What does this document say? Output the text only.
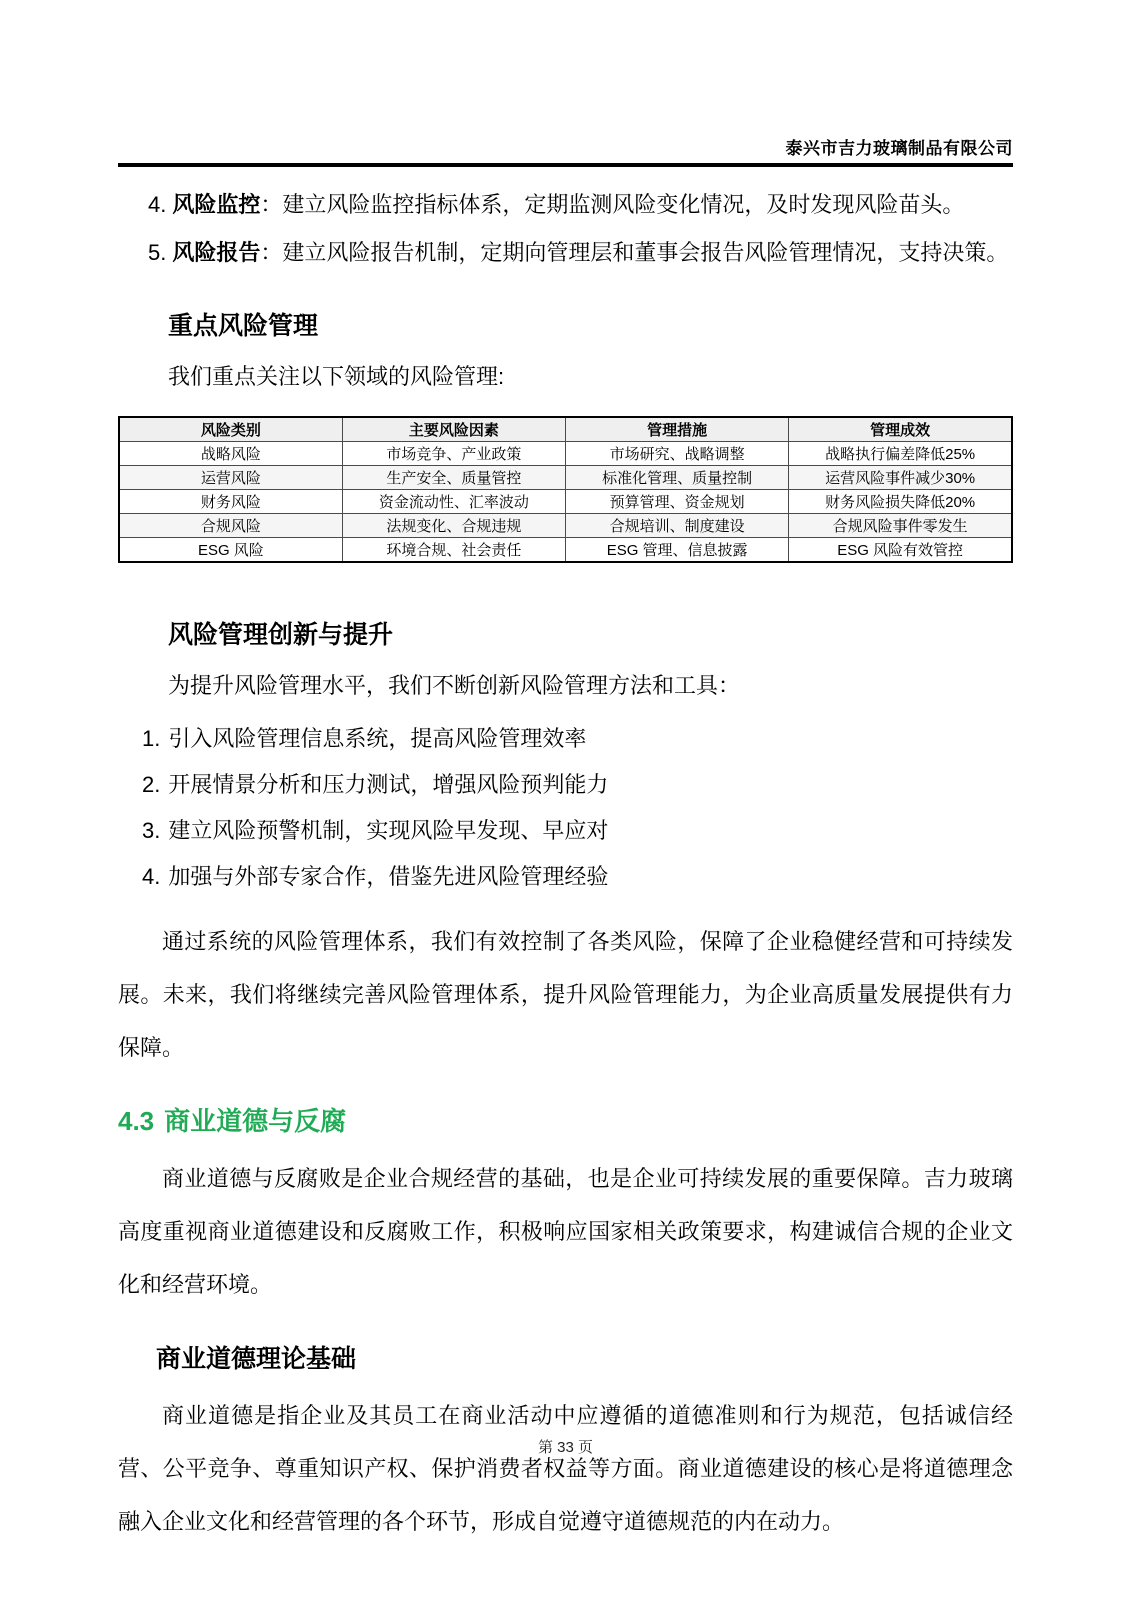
泰兴市吉力玻璃制品有限公司
4. 风险监控：建立风险监控指标体系，定期监测风险变化情况，及时发现风险苗头。
5. 风险报告：建立风险报告机制，定期向管理层和董事会报告风险管理情况，支持决策。
重点风险管理
我们重点关注以下领域的风险管理:
风险类别	主要风险因素	管理措施	管理成效
战略风险	市场竞争、产业政策	市场研究、战略调整	战略执行偏差降低25%
运营风险	生产安全、质量管控	标准化管理、质量控制	运营风险事件减少30%
财务风险	资金流动性、汇率波动	预算管理、资金规划	财务风险损失降低20%
合规风险	法规变化、合规违规	合规培训、制度建设	合规风险事件零发生
ESG 风险	环境合规、社会责任	ESG 管理、信息披露	ESG 风险有效管控
风险管理创新与提升
为提升风险管理水平，我们不断创新风险管理方法和工具：
1. 引入风险管理信息系统，提高风险管理效率
2. 开展情景分析和压力测试，增强风险预判能力
3. 建立风险预警机制，实现风险早发现、早应对
4. 加强与外部专家合作，借鉴先进风险管理经验

通过系统的风险管理体系，我们有效控制了各类风险，保障了企业稳健经营和可持续发展。未来，我们将继续完善风险管理体系，提升风险管理能力，为企业高质量发展提供有力保障。

4.3 商业道德与反腐

商业道德与反腐败是企业合规经营的基础，也是企业可持续发展的重要保障。吉力玻璃高度重视商业道德建设和反腐败工作，积极响应国家相关政策要求，构建诚信合规的企业文化和经营环境。

商业道德理论基础

商业道德是指企业及其员工在商业活动中应遵循的道德准则和行为规范，包括诚信经营、公平竞争、尊重知识产权、保护消费者权益等方面。商业道德建设的核心是将道德理念融入企业文化和经营管理的各个环节，形成自觉遵守道德规范的内在动力。

第 33 页
